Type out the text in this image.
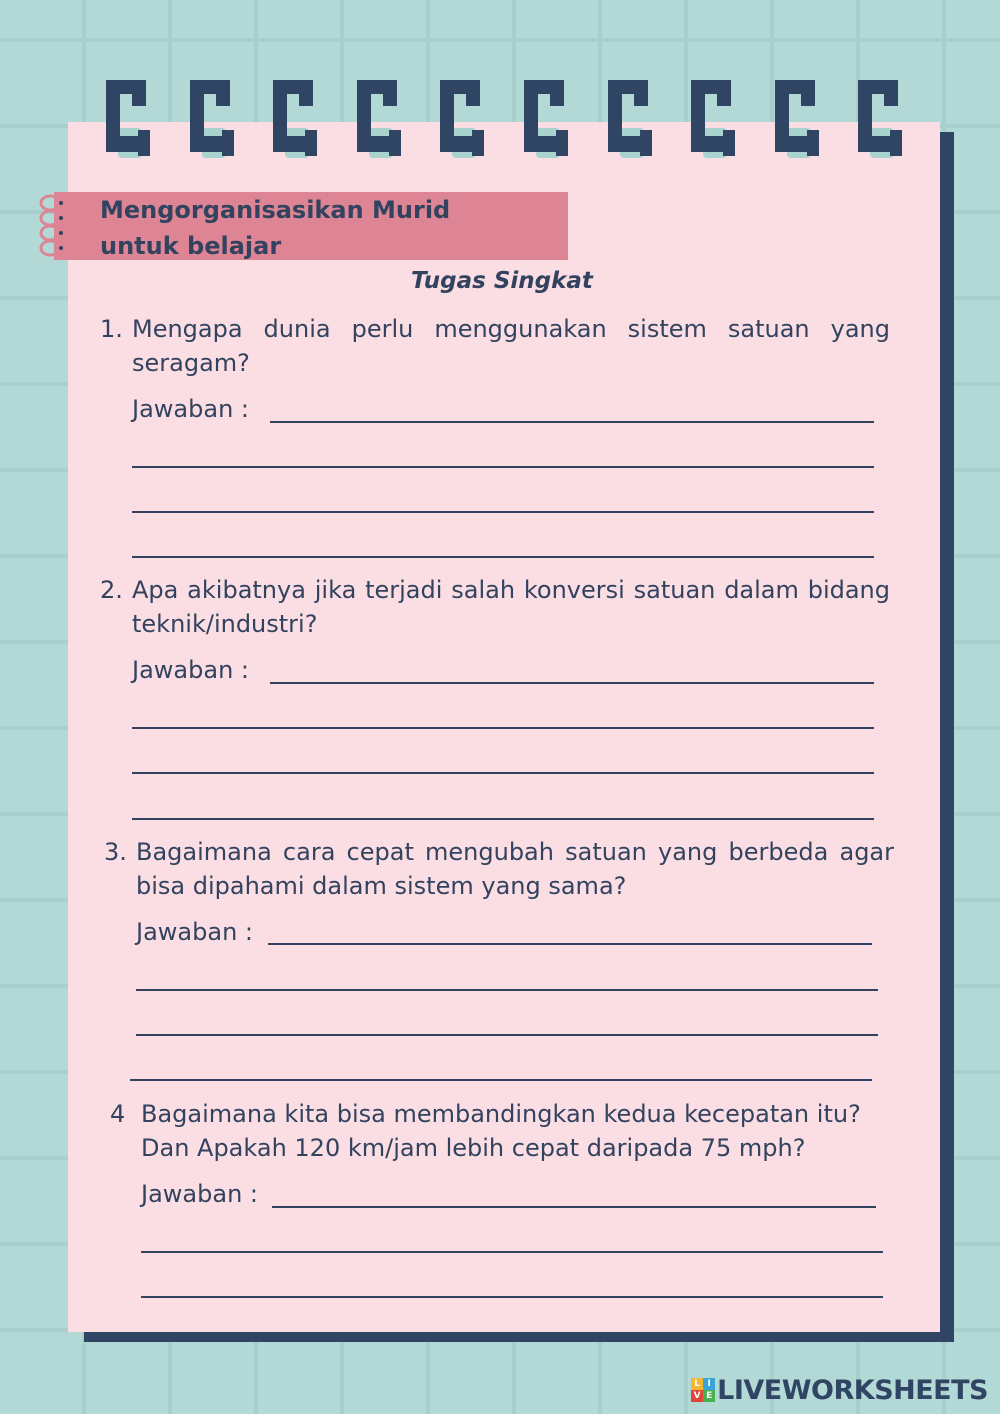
Mengorganisasikan Murid
untuk belajar
Tugas Singkat
1. Mengapa dunia perlu menggunakan sistem satuan yang seragam?
Jawaban :
2. Apa akibatnya jika terjadi salah konversi satuan dalam bidang teknik/industri?
Jawaban :
3. Bagaimana cara cepat mengubah satuan yang berbeda agar bisa dipahami dalam sistem yang sama?
Jawaban :
4 Bagaimana kita bisa membandingkan kedua kecepatan itu? Dan Apakah 120 km/jam lebih cepat daripada 75 mph?
Jawaban :
L I
V E LIVEWORKSHEETS
